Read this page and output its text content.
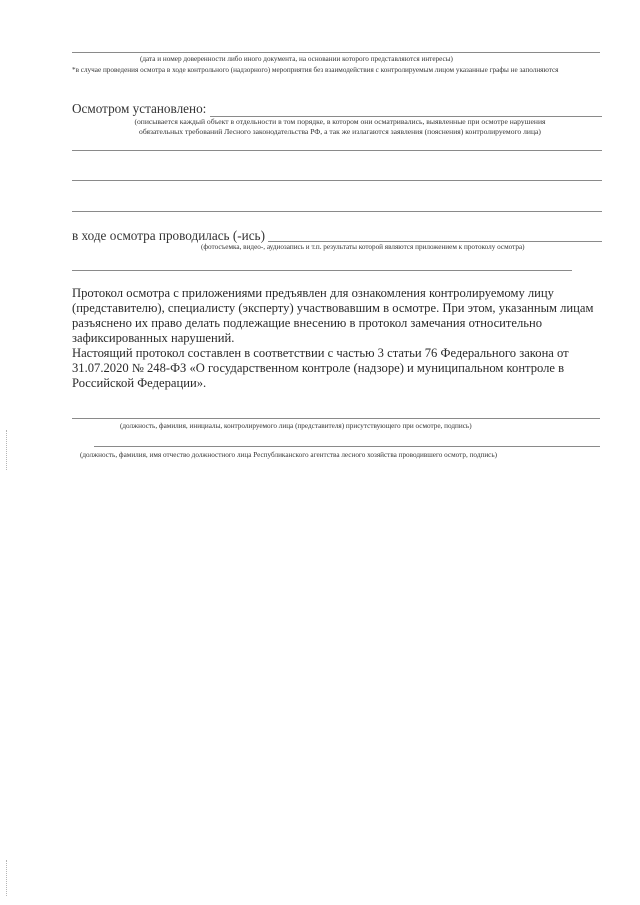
(дата и номер доверенности либо иного документа, на основании которого представляются интересы)
*в случае проведения осмотра в ходе контрольного (надзорного) мероприятия без взаимодействия с контролируемым лицом указанные графы не заполняются
Осмотром установлено:
(описывается каждый объект в отдельности в том порядке, в котором они осматривались, выявленные при осмотре нарушения
обязательных требований Лесного законодательства РФ, а так же излагаются заявления (пояснения) контролируемого лица)
в ходе осмотра проводилась (-ись)
(фотосъемка, видео-, аудиозапись и т.п. результаты которой являются приложением к протоколу осмотра)
Протокол осмотра с приложениями предъявлен для ознакомления контролируемому лицу (представителю), специалисту (эксперту) участвовавшим в осмотре. При этом, указанным лицам разъяснено их право делать подлежащие внесению в протокол замечания относительно зафиксированных нарушений.
Настоящий протокол составлен в соответствии с частью 3 статьи 76 Федерального закона от 31.07.2020 № 248-ФЗ «О государственном контроле (надзоре) и муниципальном контроле в Российской Федерации».
(должность, фамилия, инициалы, контролируемого лица (представителя) присутствующего при осмотре, подпись)
(должность, фамилия, имя отчество должностного лица Республиканского агентства лесного хозяйства проводившего осмотр, подпись)
